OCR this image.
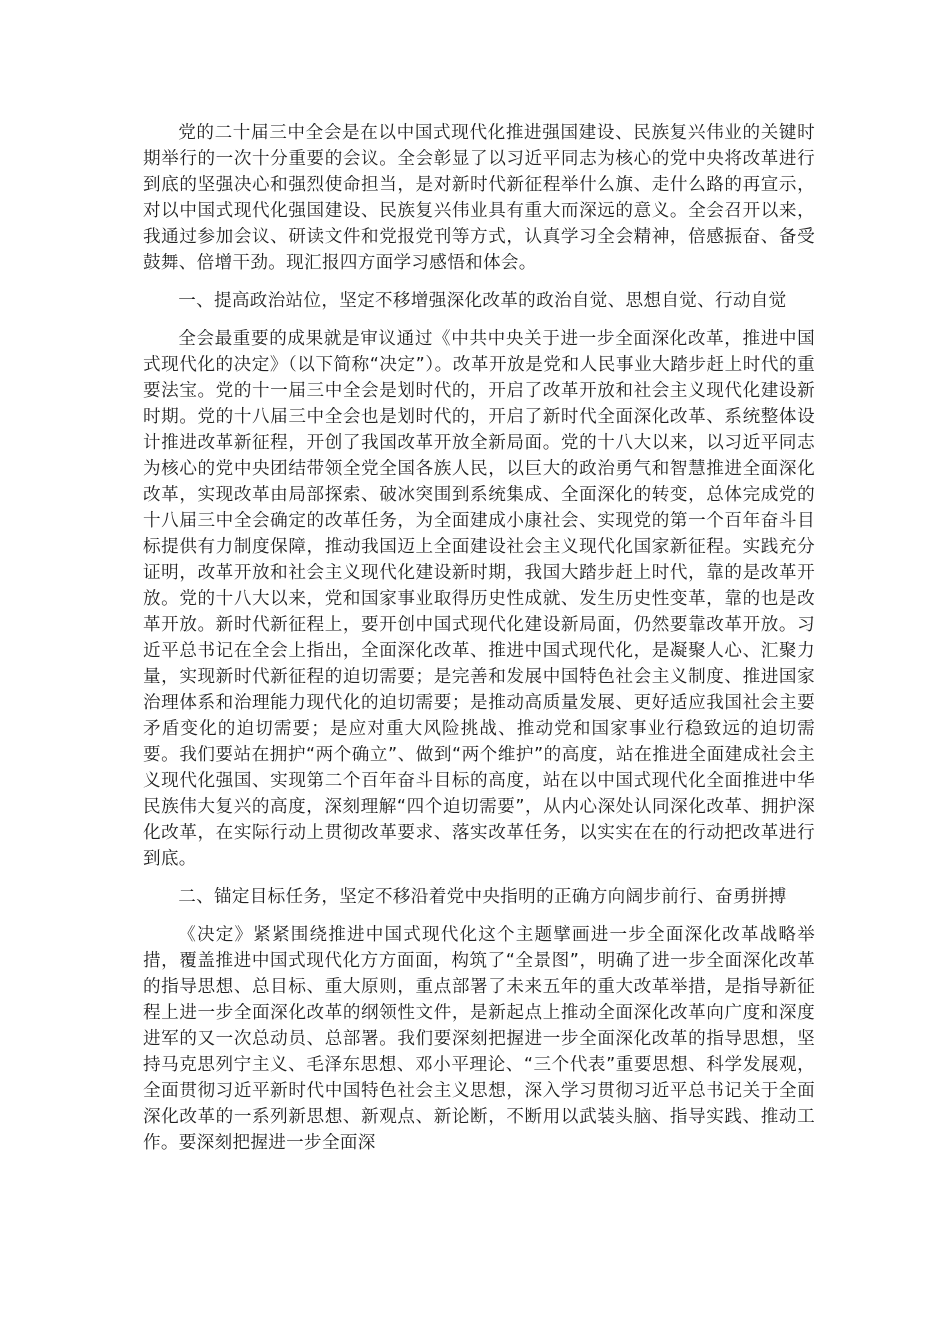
党的二十届三中全会是在以中国式现代化推进强国建设、民族复兴伟业的关键时期举行的一次十分重要的会议。全会彰显了以习近平同志为核心的党中央将改革进行到底的坚强决心和强烈使命担当，是对新时代新征程举什么旗、走什么路的再宣示，对以中国式现代化强国建设、民族复兴伟业具有重大而深远的意义。全会召开以来，我通过参加会议、研读文件和党报党刊等方式，认真学习全会精神，倍感振奋、备受鼓舞、倍增干劲。现汇报四方面学习感悟和体会。

一、提高政治站位，坚定不移增强深化改革的政治自觉、思想自觉、行动自觉

全会最重要的成果就是审议通过《中共中央关于进一步全面深化改革，推进中国式现代化的决定》（以下简称“决定”）。改革开放是党和人民事业大踏步赶上时代的重要法宝。党的十一届三中全会是划时代的，开启了改革开放和社会主义现代化建设新时期。党的十八届三中全会也是划时代的，开启了新时代全面深化改革、系统整体设计推进改革新征程，开创了我国改革开放全新局面。党的十八大以来，以习近平同志为核心的党中央团结带领全党全国各族人民，以巨大的政治勇气和智慧推进全面深化改革，实现改革由局部探索、破冰突围到系统集成、全面深化的转变，总体完成党的十八届三中全会确定的改革任务，为全面建成小康社会、实现党的第一个百年奋斗目标提供有力制度保障，推动我国迈上全面建设社会主义现代化国家新征程。实践充分证明，改革开放和社会主义现代化建设新时期，我国大踏步赶上时代，靠的是改革开放。党的十八大以来，党和国家事业取得历史性成就、发生历史性变革，靠的也是改革开放。新时代新征程上，要开创中国式现代化建设新局面，仍然要靠改革开放。习近平总书记在全会上指出，全面深化改革、推进中国式现代化，是凝聚人心、汇聚力量，实现新时代新征程的迫切需要；是完善和发展中国特色社会主义制度、推进国家治理体系和治理能力现代化的迫切需要；是推动高质量发展、更好适应我国社会主要矛盾变化的迫切需要；是应对重大风险挑战、推动党和国家事业行稳致远的迫切需要。我们要站在拥护“两个确立”、做到“两个维护”的高度，站在推进全面建成社会主义现代化强国、实现第二个百年奋斗目标的高度，站在以中国式现代化全面推进中华民族伟大复兴的高度，深刻理解“四个迫切需要”，从内心深处认同深化改革、拥护深化改革，在实际行动上贯彻改革要求、落实改革任务，以实实在在的行动把改革进行到底。

二、锚定目标任务，坚定不移沿着党中央指明的正确方向阔步前行、奋勇拼搏

《决定》紧紧围绕推进中国式现代化这个主题擘画进一步全面深化改革战略举措，覆盖推进中国式现代化方方面面，构筑了“全景图”，明确了进一步全面深化改革的指导思想、总目标、重大原则，重点部署了未来五年的重大改革举措，是指导新征程上进一步全面深化改革的纲领性文件，是新起点上推动全面深化改革向广度和深度进军的又一次总动员、总部署。我们要深刻把握进一步全面深化改革的指导思想，坚持马克思列宁主义、毛泽东思想、邓小平理论、“三个代表”重要思想、科学发展观，全面贯彻习近平新时代中国特色社会主义思想，深入学习贯彻习近平总书记关于全面深化改革的一系列新思想、新观点、新论断，不断用以武装头脑、指导实践、推动工作。要深刻把握进一步全面深
